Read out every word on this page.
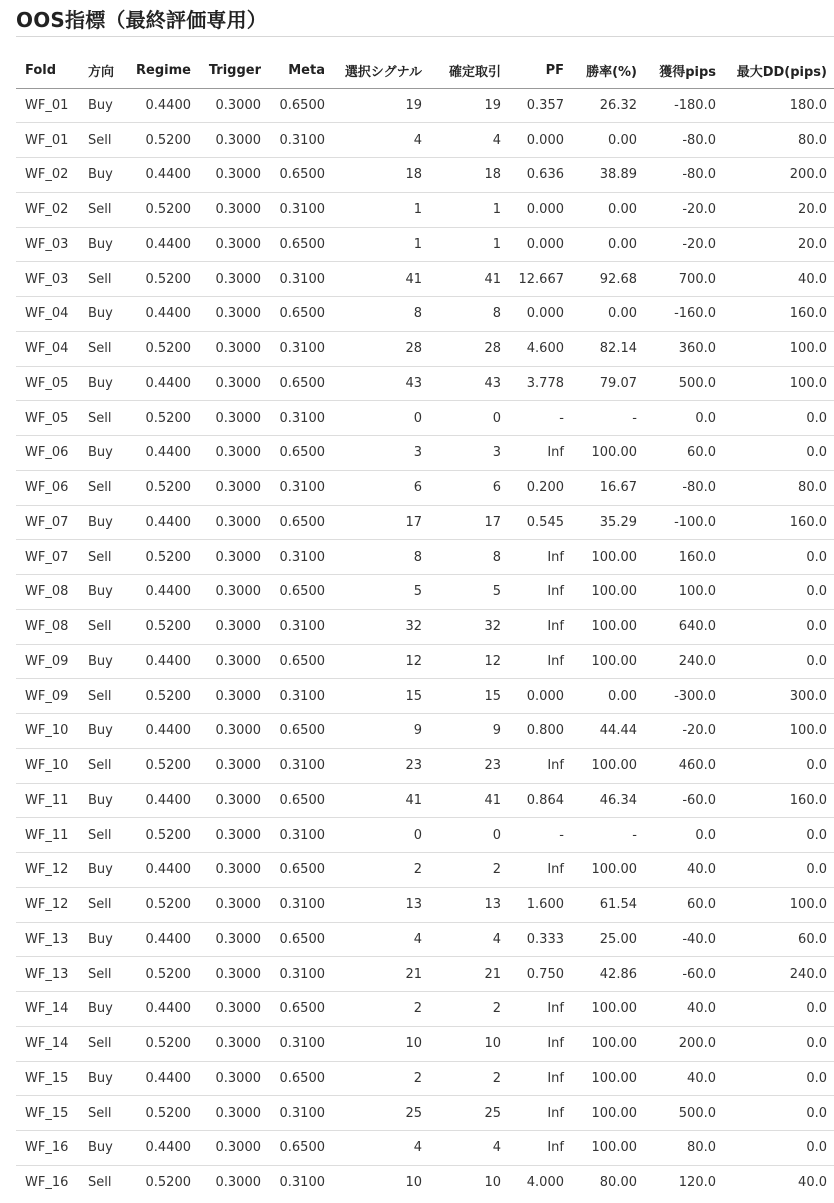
OOS指標（最終評価専用）
Fold	方向	Regime	Trigger	Meta	選択シグナル	確定取引	PF	勝率(%)	獲得pips	最大DD(pips)
WF_01	Buy	0.4400	0.3000	0.6500	19	19	0.357	26.32	-180.0	180.0
WF_01	Sell	0.5200	0.3000	0.3100	4	4	0.000	0.00	-80.0	80.0
WF_02	Buy	0.4400	0.3000	0.6500	18	18	0.636	38.89	-80.0	200.0
WF_02	Sell	0.5200	0.3000	0.3100	1	1	0.000	0.00	-20.0	20.0
WF_03	Buy	0.4400	0.3000	0.6500	1	1	0.000	0.00	-20.0	20.0
WF_03	Sell	0.5200	0.3000	0.3100	41	41	12.667	92.68	700.0	40.0
WF_04	Buy	0.4400	0.3000	0.6500	8	8	0.000	0.00	-160.0	160.0
WF_04	Sell	0.5200	0.3000	0.3100	28	28	4.600	82.14	360.0	100.0
WF_05	Buy	0.4400	0.3000	0.6500	43	43	3.778	79.07	500.0	100.0
WF_05	Sell	0.5200	0.3000	0.3100	0	0	-	-	0.0	0.0
WF_06	Buy	0.4400	0.3000	0.6500	3	3	Inf	100.00	60.0	0.0
WF_06	Sell	0.5200	0.3000	0.3100	6	6	0.200	16.67	-80.0	80.0
WF_07	Buy	0.4400	0.3000	0.6500	17	17	0.545	35.29	-100.0	160.0
WF_07	Sell	0.5200	0.3000	0.3100	8	8	Inf	100.00	160.0	0.0
WF_08	Buy	0.4400	0.3000	0.6500	5	5	Inf	100.00	100.0	0.0
WF_08	Sell	0.5200	0.3000	0.3100	32	32	Inf	100.00	640.0	0.0
WF_09	Buy	0.4400	0.3000	0.6500	12	12	Inf	100.00	240.0	0.0
WF_09	Sell	0.5200	0.3000	0.3100	15	15	0.000	0.00	-300.0	300.0
WF_10	Buy	0.4400	0.3000	0.6500	9	9	0.800	44.44	-20.0	100.0
WF_10	Sell	0.5200	0.3000	0.3100	23	23	Inf	100.00	460.0	0.0
WF_11	Buy	0.4400	0.3000	0.6500	41	41	0.864	46.34	-60.0	160.0
WF_11	Sell	0.5200	0.3000	0.3100	0	0	-	-	0.0	0.0
WF_12	Buy	0.4400	0.3000	0.6500	2	2	Inf	100.00	40.0	0.0
WF_12	Sell	0.5200	0.3000	0.3100	13	13	1.600	61.54	60.0	100.0
WF_13	Buy	0.4400	0.3000	0.6500	4	4	0.333	25.00	-40.0	60.0
WF_13	Sell	0.5200	0.3000	0.3100	21	21	0.750	42.86	-60.0	240.0
WF_14	Buy	0.4400	0.3000	0.6500	2	2	Inf	100.00	40.0	0.0
WF_14	Sell	0.5200	0.3000	0.3100	10	10	Inf	100.00	200.0	0.0
WF_15	Buy	0.4400	0.3000	0.6500	2	2	Inf	100.00	40.0	0.0
WF_15	Sell	0.5200	0.3000	0.3100	25	25	Inf	100.00	500.0	0.0
WF_16	Buy	0.4400	0.3000	0.6500	4	4	Inf	100.00	80.0	0.0
WF_16	Sell	0.5200	0.3000	0.3100	10	10	4.000	80.00	120.0	40.0
